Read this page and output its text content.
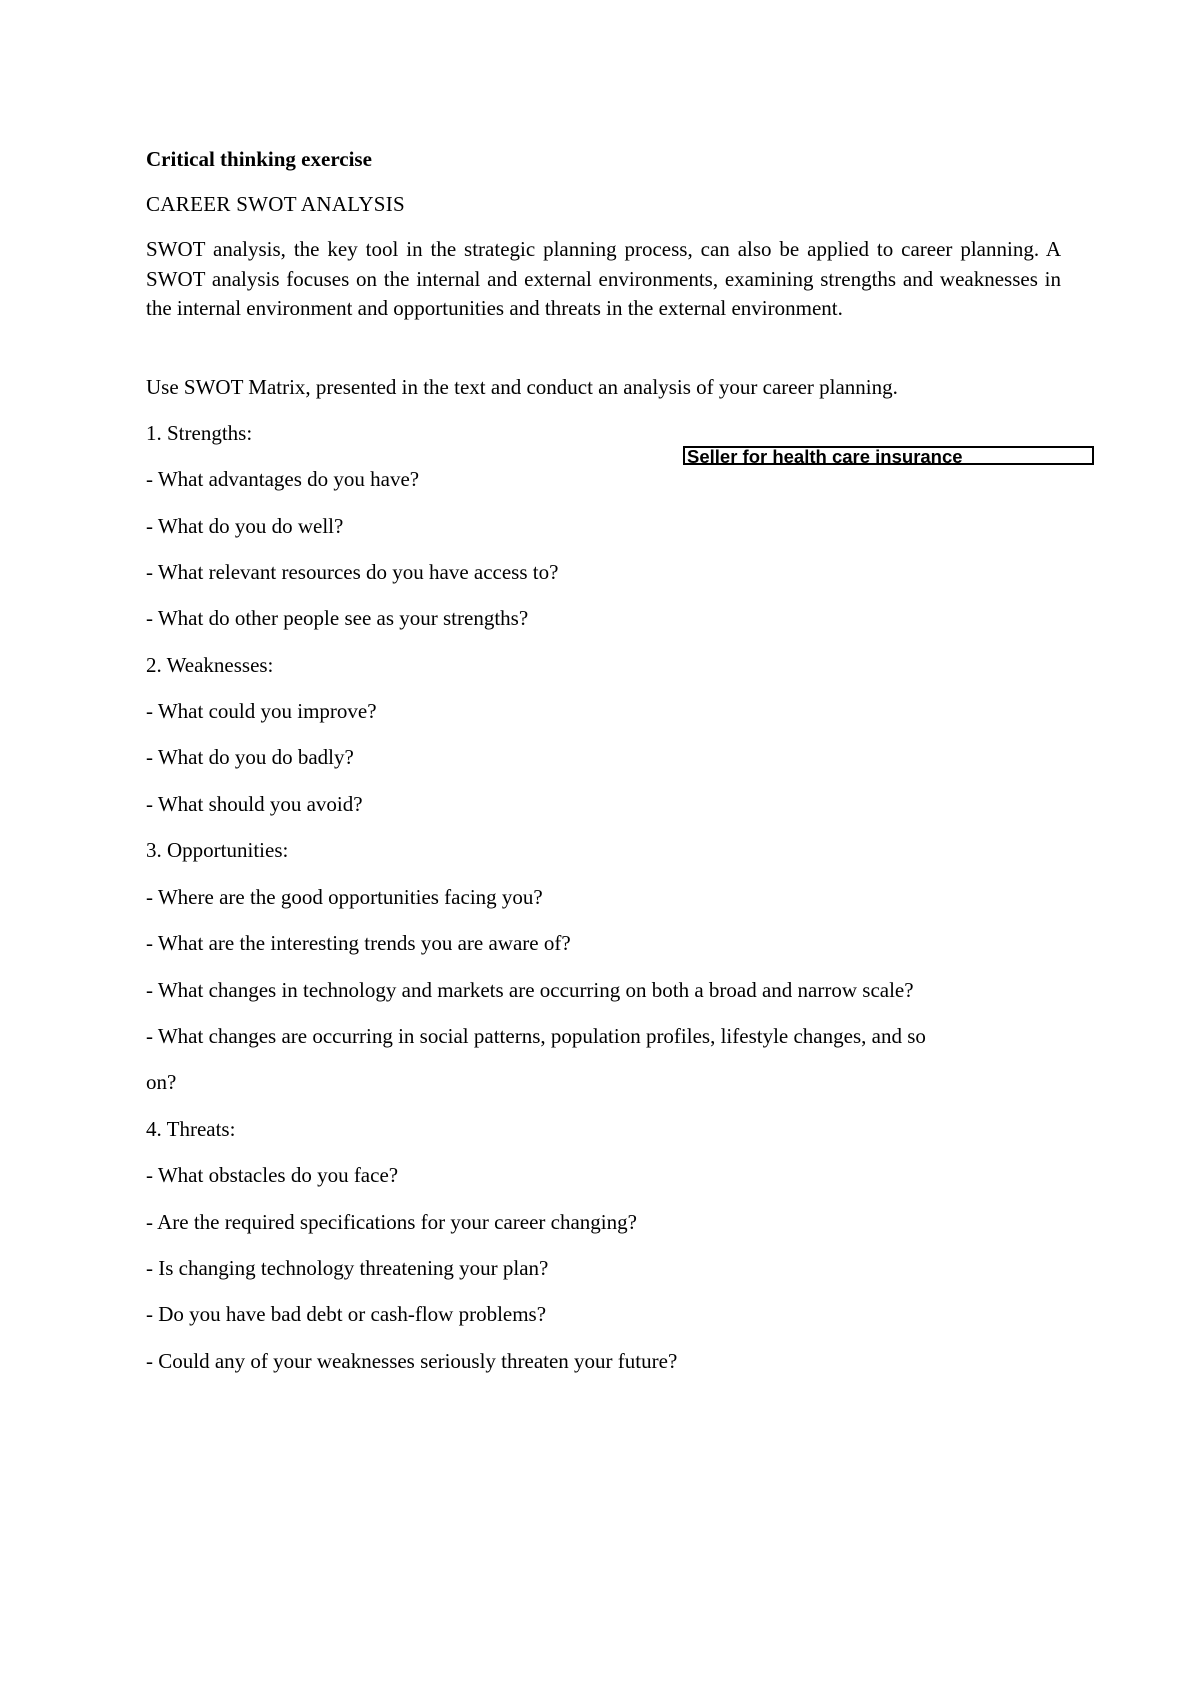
Critical thinking exercise
CAREER SWOT ANALYSIS
SWOT analysis, the key tool in the strategic planning process, can also be applied to career planning. A SWOT analysis focuses on the internal and external environments, examining strengths and weaknesses in the internal environment and opportunities and threats in the external environment.
Use SWOT Matrix, presented in the text and conduct an analysis of your career planning.
1. Strengths:
- What advantages do you have?
- What do you do well?
- What relevant resources do you have access to?
- What do other people see as your strengths?
2. Weaknesses:
- What could you improve?
- What do you do badly?
- What should you avoid?
3. Opportunities:
- Where are the good opportunities facing you?
- What are the interesting trends you are aware of?
- What changes in technology and markets are occurring on both a broad and narrow scale?
- What changes are occurring in social patterns, population profiles, lifestyle changes, and so
on?
4. Threats:
- What obstacles do you face?
- Are the required specifications for your career changing?
- Is changing technology threatening your plan?
- Do you have bad debt or cash-flow problems?
- Could any of your weaknesses seriously threaten your future?
Seller for health care insurance
